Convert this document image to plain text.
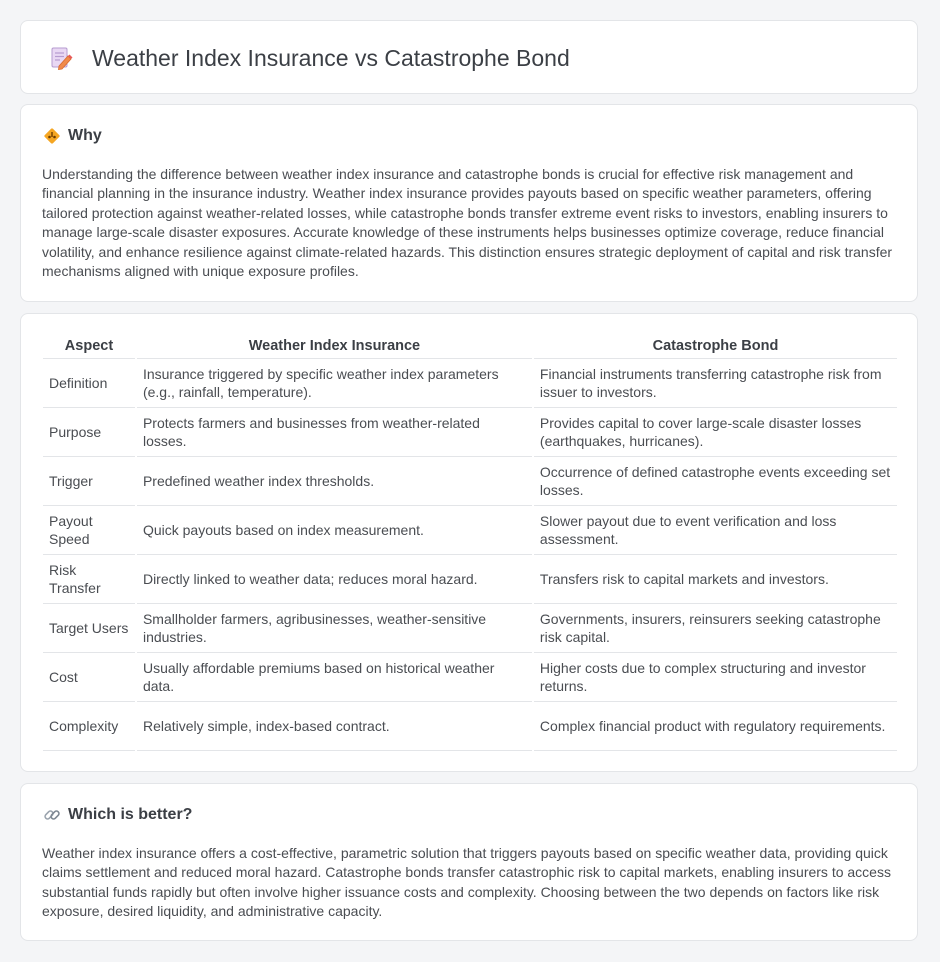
Weather Index Insurance vs Catastrophe Bond
Why

Understanding the difference between weather index insurance and catastrophe bonds is crucial for effective risk management and financial planning in the insurance industry. Weather index insurance provides payouts based on specific weather parameters, offering tailored protection against weather-related losses, while catastrophe bonds transfer extreme event risks to investors, enabling insurers to manage large-scale disaster exposures. Accurate knowledge of these instruments helps businesses optimize coverage, reduce financial volatility, and enhance resilience against climate-related hazards. This distinction ensures strategic deployment of capital and risk transfer mechanisms aligned with unique exposure profiles.

Aspect	Weather Index Insurance	Catastrophe Bond
Definition	Insurance triggered by specific weather index parameters (e.g., rainfall, temperature).	Financial instruments transferring catastrophe risk from issuer to investors.
Purpose	Protects farmers and businesses from weather-related losses.	Provides capital to cover large-scale disaster losses (earthquakes, hurricanes).
Trigger	Predefined weather index thresholds.	Occurrence of defined catastrophe events exceeding set losses.
Payout Speed	Quick payouts based on index measurement.	Slower payout due to event verification and loss assessment.
Risk Transfer	Directly linked to weather data; reduces moral hazard.	Transfers risk to capital markets and investors.
Target Users	Smallholder farmers, agribusinesses, weather-sensitive industries.	Governments, insurers, reinsurers seeking catastrophe risk capital.
Cost	Usually affordable premiums based on historical weather data.	Higher costs due to complex structuring and investor returns.
Complexity	Relatively simple, index-based contract.	Complex financial product with regulatory requirements.
Which is better?

Weather index insurance offers a cost-effective, parametric solution that triggers payouts based on specific weather data, providing quick claims settlement and reduced moral hazard. Catastrophe bonds transfer catastrophic risk to capital markets, enabling insurers to access substantial funds rapidly but often involve higher issuance costs and complexity. Choosing between the two depends on factors like risk exposure, desired liquidity, and administrative capacity.
